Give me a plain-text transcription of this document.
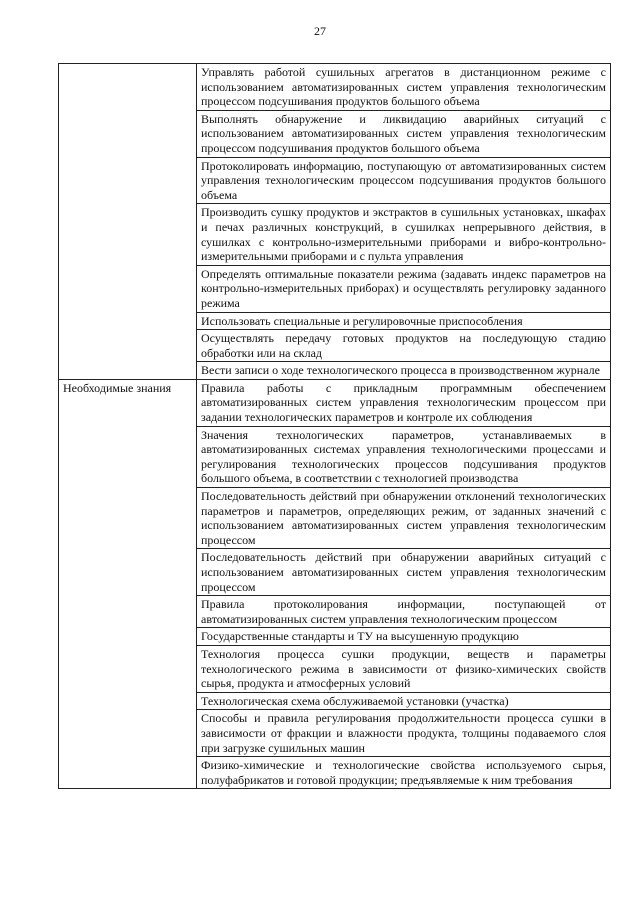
27
	Управлять работой сушильных агрегатов в дистанционном режиме с использованием автоматизированных систем управления технологическим процессом подсушивания продуктов большого объема
	Выполнять обнаружение и ликвидацию аварийных ситуаций с использованием автоматизированных систем управления технологическим процессом подсушивания продуктов большого объема
	Протоколировать информацию, поступающую от автоматизированных систем управления технологическим процессом подсушивания продуктов большого объема
	Производить сушку продуктов и экстрактов в сушильных установках, шкафах и печах различных конструкций, в сушилках непрерывного действия, в сушилках с контрольно-измерительными приборами и вибро-контрольно-измерительными приборами и с пульта управления
	Определять оптимальные показатели режима (задавать индекс параметров на контрольно-измерительных приборах) и осуществлять регулировку заданного режима
	Использовать специальные и регулировочные приспособления
	Осуществлять передачу готовых продуктов на последующую стадию обработки или на склад
	Вести записи о ходе технологического процесса в производственном журнале
Необходимые знания	Правила работы с прикладным программным обеспечением автоматизированных систем управления технологическим процессом при задании технологических параметров и контроле их соблюдения
	Значения технологических параметров, устанавливаемых в автоматизированных системах управления технологическими процессами и регулирования технологических процессов подсушивания продуктов большого объема, в соответствии с технологией производства
	Последовательность действий при обнаружении отклонений технологических параметров и параметров, определяющих режим, от заданных значений с использованием автоматизированных систем управления технологическим процессом
	Последовательность действий при обнаружении аварийных ситуаций с использованием автоматизированных систем управления технологическим процессом
	Правила протоколирования информации, поступающей от автоматизированных систем управления технологическим процессом
	Государственные стандарты и ТУ на высушенную продукцию
	Технология процесса сушки продукции, веществ и параметры технологического режима в зависимости от физико-химических свойств сырья, продукта и атмосферных условий
	Технологическая схема обслуживаемой установки (участка)
	Способы и правила регулирования продолжительности процесса сушки в зависимости от фракции и влажности продукта, толщины подаваемого слоя при загрузке сушильных машин
	Физико-химические и технологические свойства используемого сырья, полуфабрикатов и готовой продукции; предъявляемые к ним требования
